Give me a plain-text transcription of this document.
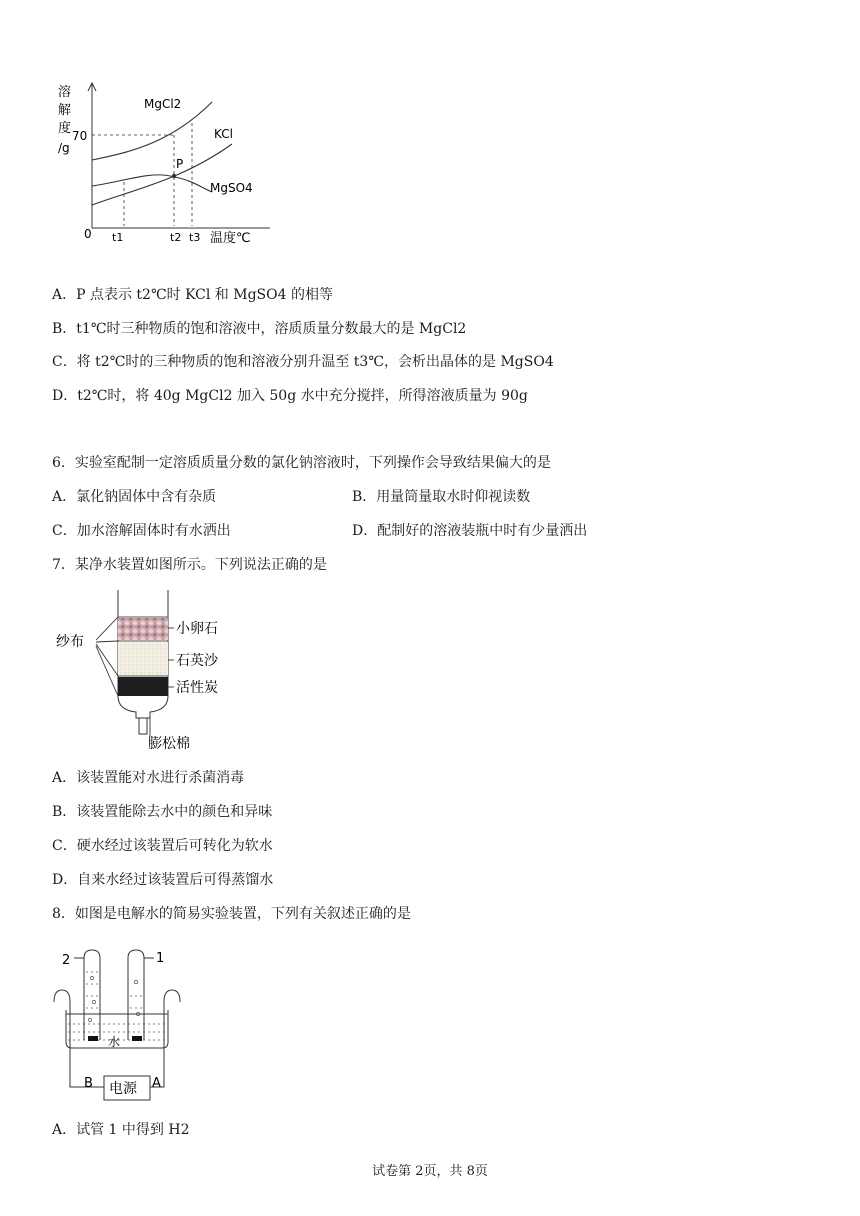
溶
解
度
/g
70
0
MgCl2
KCl
MgSO4
P
t1	t2 t3 温度℃
A．P 点表示 t2℃时 KCl 和 MgSO4 的相等
B．t1℃时三种物质的饱和溶液中，溶质质量分数最大的是 MgCl2
C．将 t2℃时的三种物质的饱和溶液分别升温至 t3℃，会析出晶体的是 MgSO4
D．t2℃时，将 40g MgCl2 加入 50g 水中充分搅拌，所得溶液质量为 90g
6．实验室配制一定溶质质量分数的氯化钠溶液时，下列操作会导致结果偏大的是
A．氯化钠固体中含有杂质	B．用量筒量取水时仰视读数
C．加水溶解固体时有水洒出	D．配制好的溶液装瓶中时有少量洒出
7．某净水装置如图所示。下列说法正确的是
纱布
小卵石
石英沙
活性炭
膨松棉
A．该装置能对水进行杀菌消毒
B．该装置能除去水中的颜色和异味
C．硬水经过该装置后可转化为软水
D．自来水经过该装置后可得蒸馏水
8．如图是电解水的简易实验装置，下列有关叙述正确的是
2	1
水
B	A
电源
A．试管 1 中得到 H2
试卷第 2页，共 8页
